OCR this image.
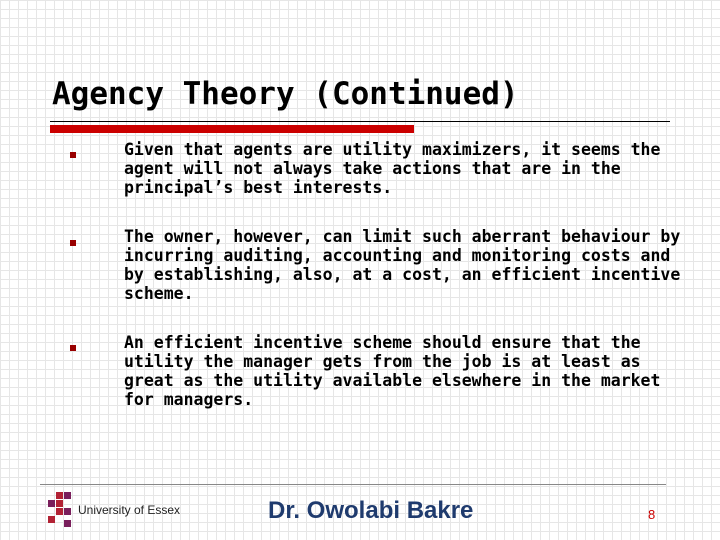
Agency Theory (Continued)
Given that agents are utility maximizers, it seems the agent will not always take actions that are in the principal’s best interests.
The owner, however, can limit such aberrant behaviour by incurring auditing, accounting and monitoring costs and by establishing, also, at a cost, an efficient incentive scheme.
An efficient incentive scheme should ensure that the utility the manager gets from the job is at least as great as the utility available elsewhere in the market for managers.
University of Essex	Dr. Owolabi Bakre	8
